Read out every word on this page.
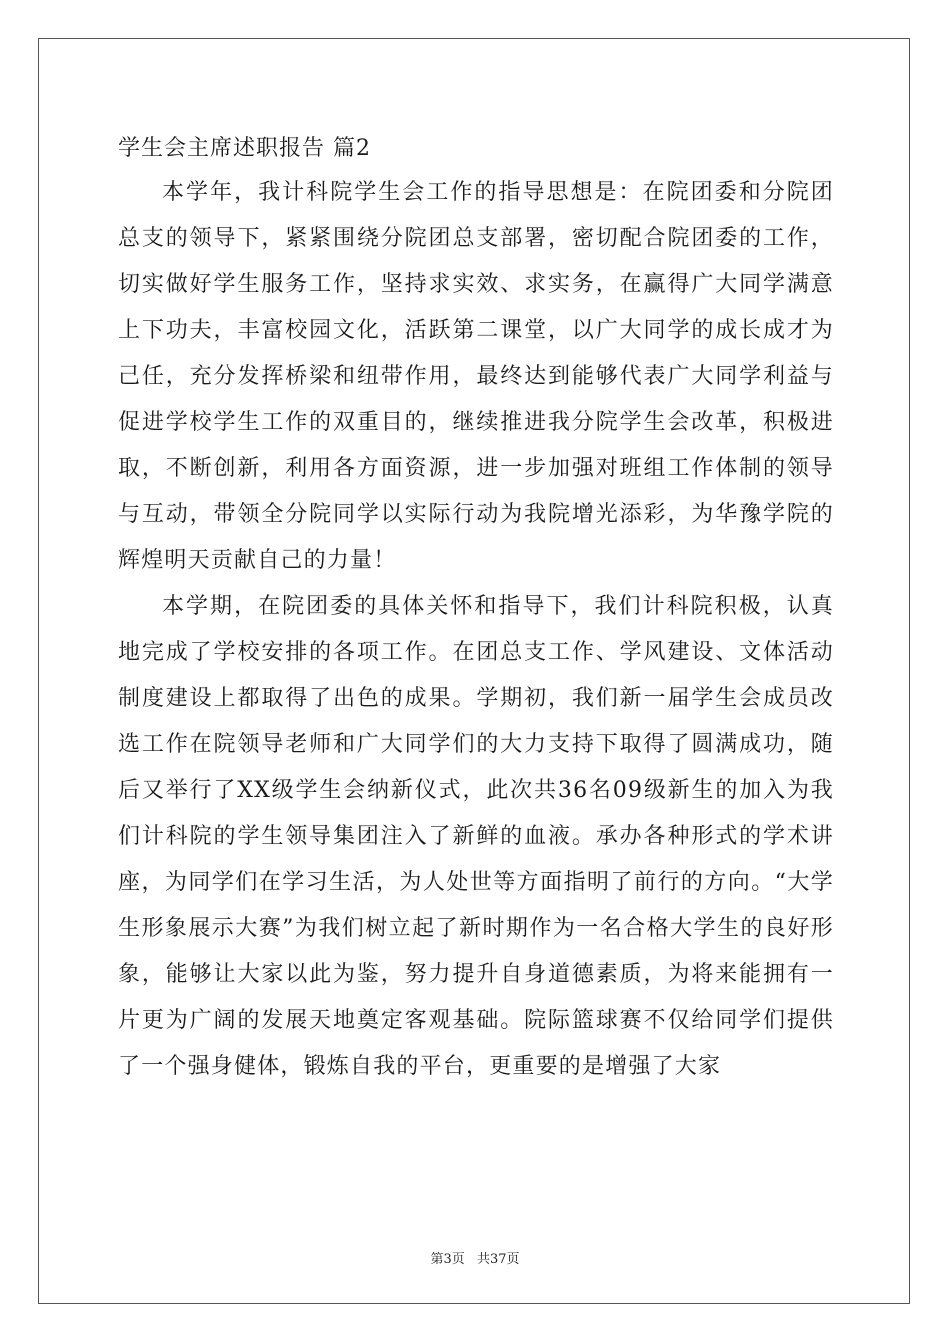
学生会主席述职报告 篇2

本学年，我计科院学生会工作的指导思想是：在院团委和分院团总支的领导下，紧紧围绕分院团总支部署，密切配合院团委的工作，切实做好学生服务工作，坚持求实效、求实务，在赢得广大同学满意上下功夫，丰富校园文化，活跃第二课堂，以广大同学的成长成才为己任，充分发挥桥梁和纽带作用，最终达到能够代表广大同学利益与促进学校学生工作的双重目的，继续推进我分院学生会改革，积极进取，不断创新，利用各方面资源，进一步加强对班组工作体制的领导与互动，带领全分院同学以实际行动为我院增光添彩，为华豫学院的辉煌明天贡献自己的力量！

本学期，在院团委的具体关怀和指导下，我们计科院积极，认真地完成了学校安排的各项工作。在团总支工作、学风建设、文体活动制度建设上都取得了出色的成果。学期初，我们新一届学生会成员改选工作在院领导老师和广大同学们的大力支持下取得了圆满成功，随后又举行了XX级学生会纳新仪式，此次共36名09级新生的加入为我们计科院的学生领导集团注入了新鲜的血液。承办各种形式的学术讲座，为同学们在学习生活，为人处世等方面指明了前行的方向。“大学生形象展示大赛”为我们树立起了新时期作为一名合格大学生的良好形象，能够让大家以此为鉴，努力提升自身道德素质，为将来能拥有一片更为广阔的发展天地奠定客观基础。院际篮球赛不仅给同学们提供了一个强身健体，锻炼自我的平台，更重要的是增强了大家

第3页 共37页
